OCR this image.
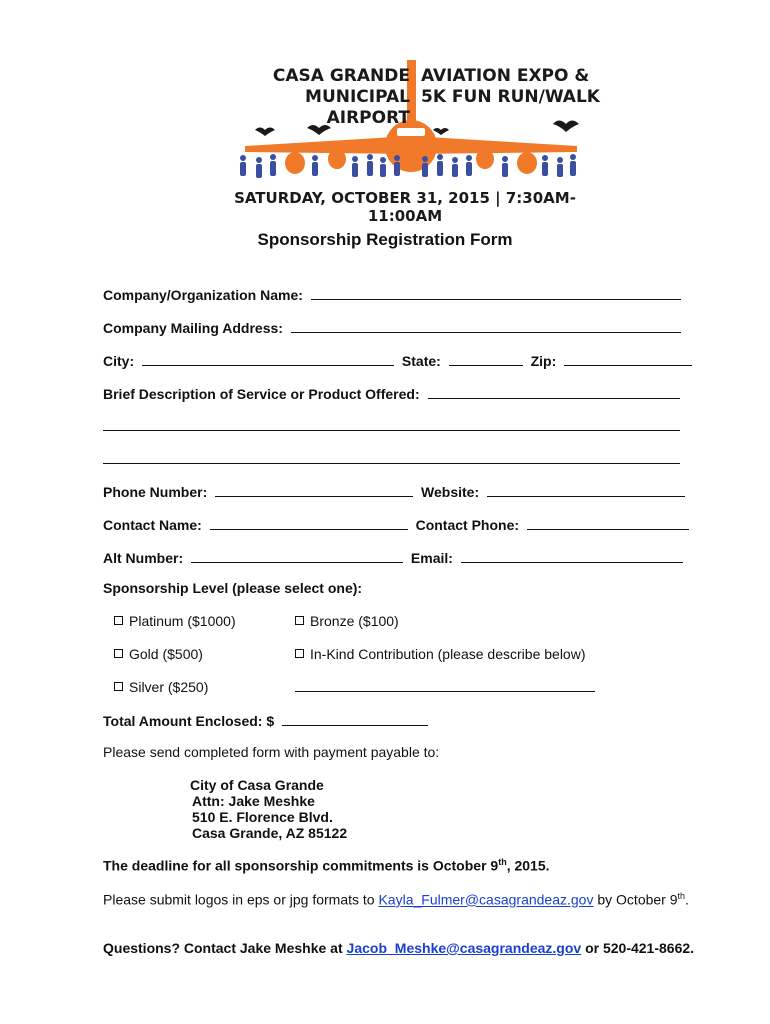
CASA GRANDE
MUNICIPAL AIRPORT
AVIATION EXPO &
5K FUN RUN/WALK
SATURDAY, OCTOBER 31, 2015 | 7:30AM-11:00AM
Sponsorship Registration Form
Company/Organization Name:
Company Mailing Address:
City:	State:	Zip:
Brief Description of Service or Product Offered:
Phone Number:	Website:
Contact Name:	Contact Phone:
Alt Number:	Email:
Sponsorship Level (please select one):
Platinum ($1000)	Bronze ($100)
Gold ($500)	In-Kind Contribution (please describe below)
Silver ($250)
Total Amount Enclosed: $
Please send completed form with payment payable to:
City of Casa Grande
Attn: Jake Meshke
510 E. Florence Blvd.
Casa Grande, AZ 85122
The deadline for all sponsorship commitments is October 9th, 2015.
Please submit logos in eps or jpg formats to Kayla_Fulmer@casagrandeaz.gov by October 9th.
Questions? Contact Jake Meshke at Jacob_Meshke@casagrandeaz.gov or 520-421-8662.
